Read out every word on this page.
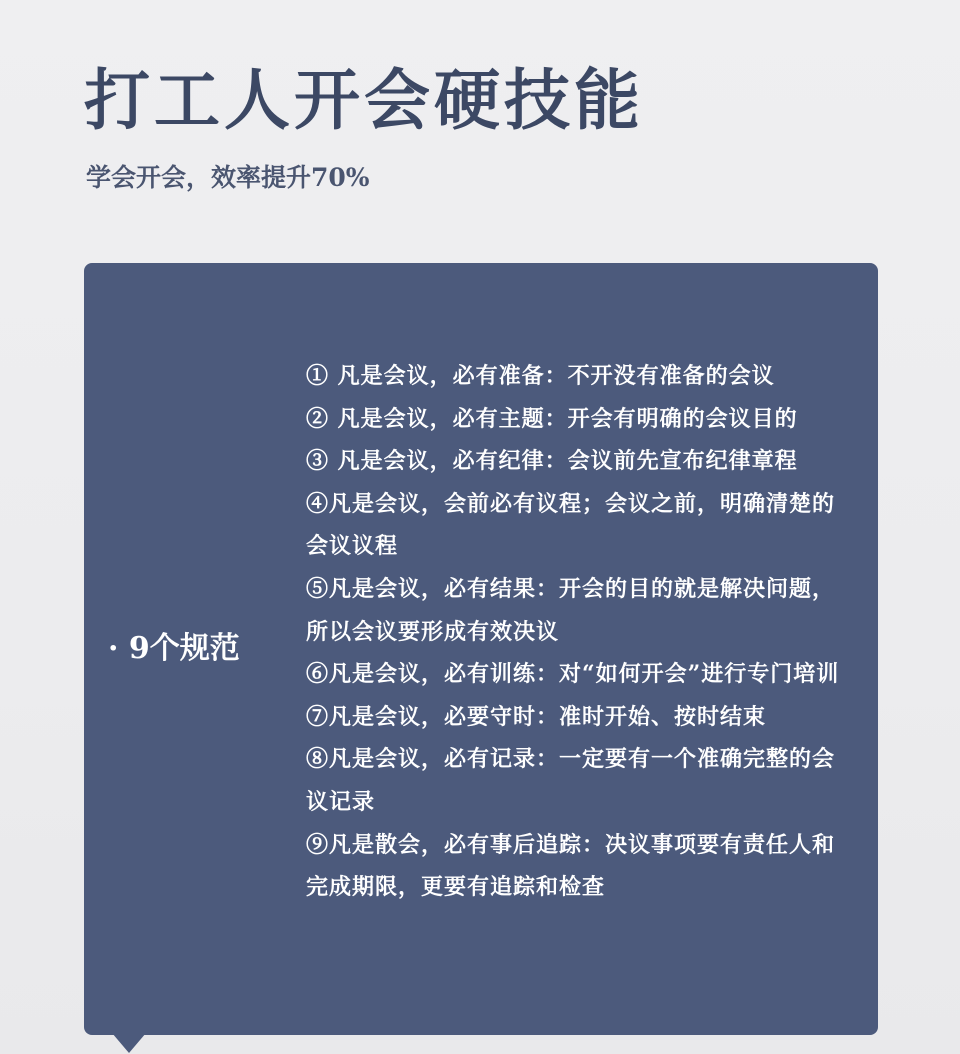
打工人开会硬技能

学会开会，效率提升70%

· 9个规范

① 凡是会议，必有准备：不开没有准备的会议
② 凡是会议，必有主题：开会有明确的会议目的
③ 凡是会议，必有纪律：会议前先宣布纪律章程
④凡是会议，会前必有议程；会议之前，明确清楚的会议议程
⑤凡是会议，必有结果：开会的目的就是解决问题，所以会议要形成有效决议
⑥凡是会议，必有训练：对“如何开会”进行专门培训
⑦凡是会议，必要守时：准时开始、按时结束
⑧凡是会议，必有记录：一定要有一个准确完整的会议记录
⑨凡是散会，必有事后追踪：决议事项要有责任人和完成期限，更要有追踪和检查
